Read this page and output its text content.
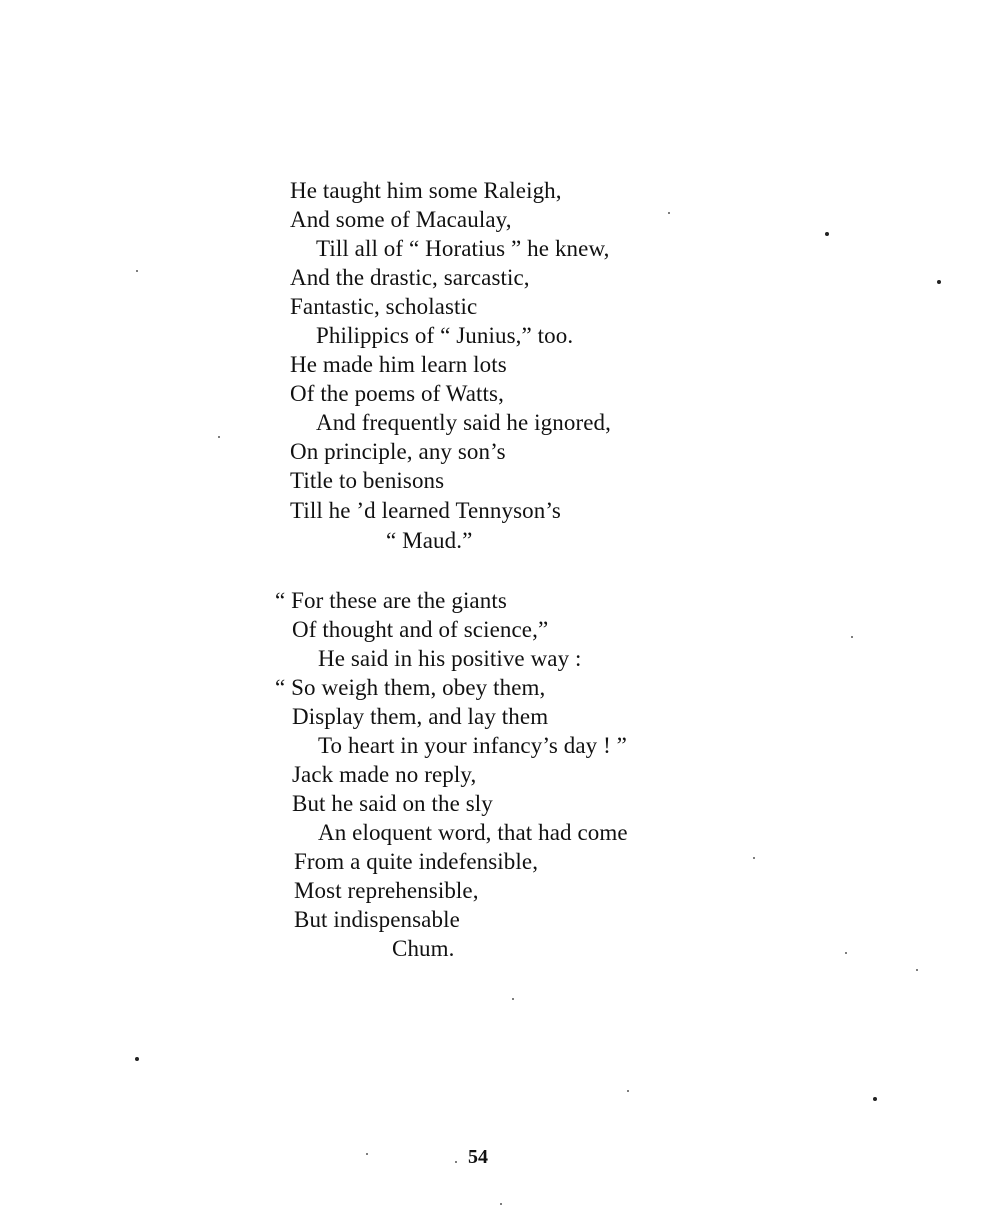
He taught him some Raleigh,
And some of Macaulay,
Till all of “ Horatius ” he knew,
And the drastic, sarcastic,
Fantastic, scholastic
Philippics of “ Junius,” too.
He made him learn lots
Of the poems of Watts,
And frequently said he ignored,
On principle, any son’s
Title to benisons
Till he ’d learned Tennyson’s
“ Maud.”
“ For these are the giants
Of thought and of science,”
He said in his positive way :
“ So weigh them, obey them,
Display them, and lay them
To heart in your infancy’s day ! ”
Jack made no reply,
But he said on the sly
An eloquent word, that had come
From a quite indefensible,
Most reprehensible,
But indispensable
Chum.
54
